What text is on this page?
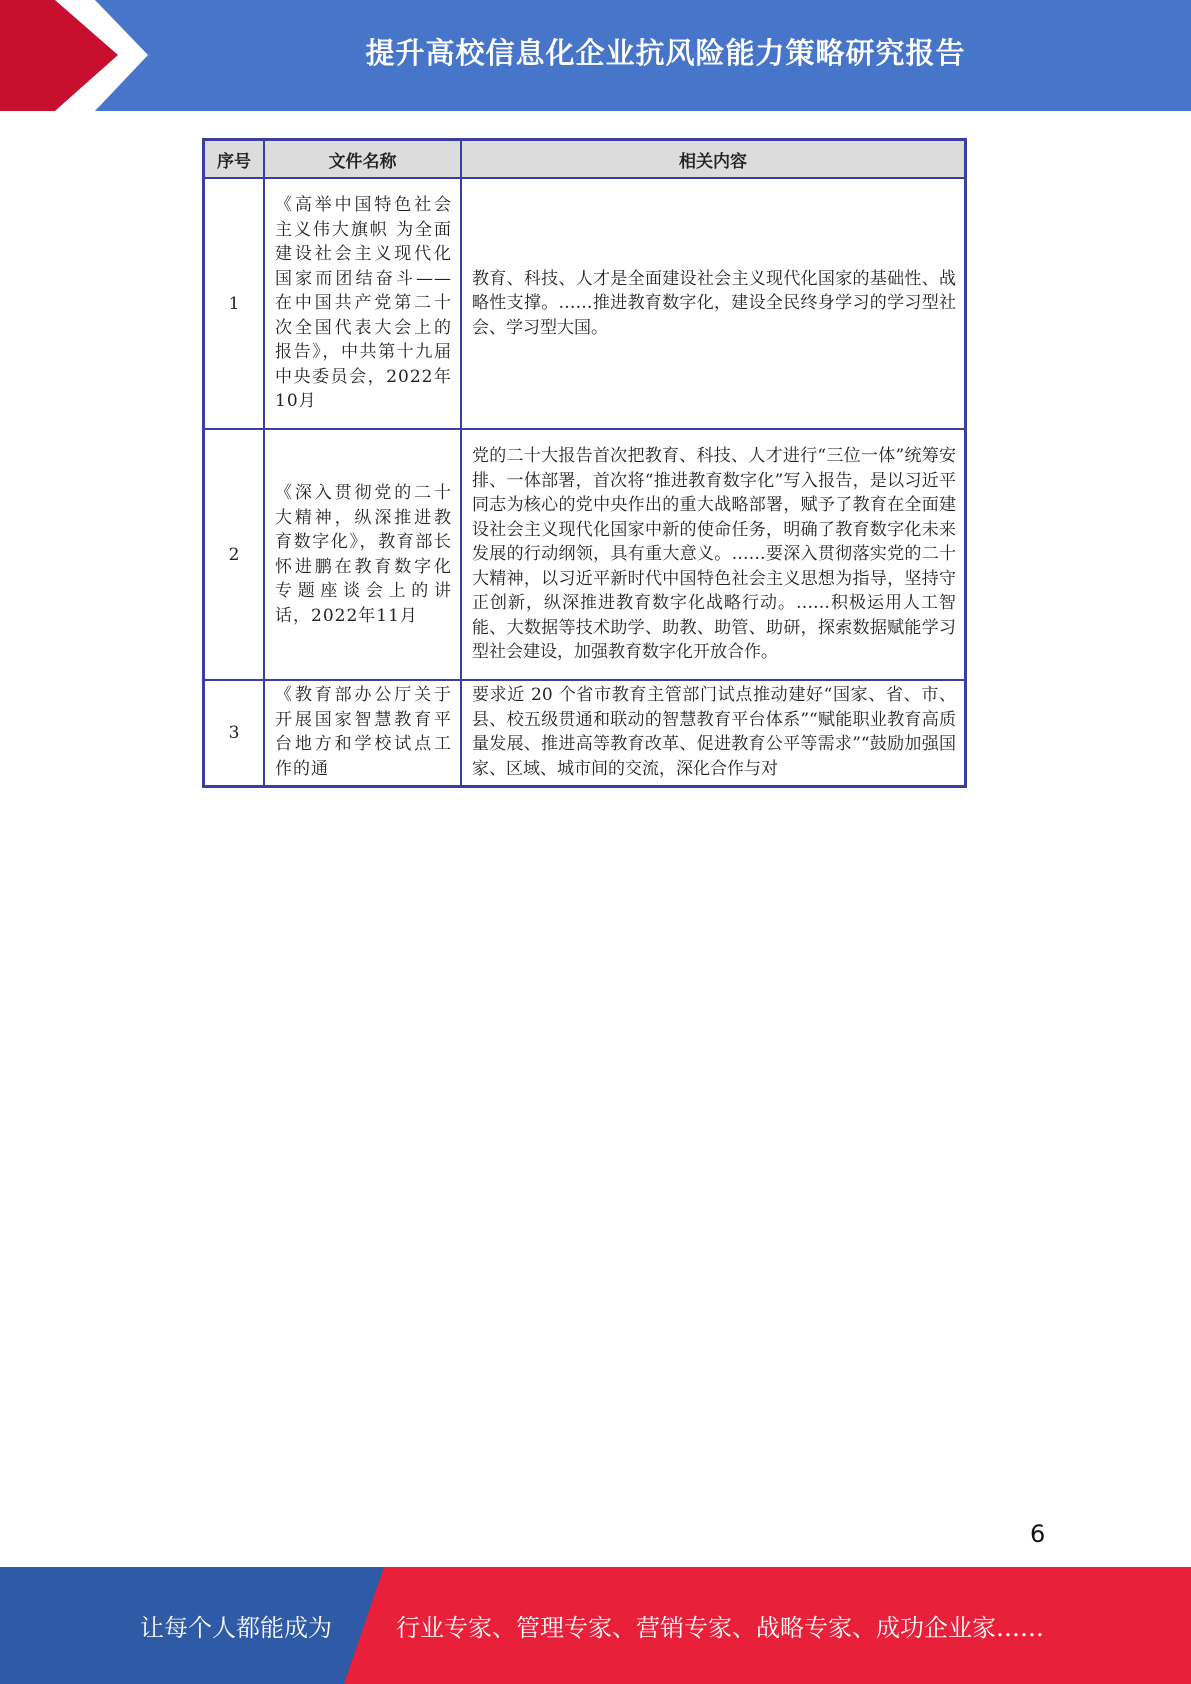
提升高校信息化企业抗风险能力策略研究报告
序号	文件名称	相关内容
1	《高举中国特色社会主义伟大旗帜 为全面建设社会主义现代化国家而团结奋斗——在中国共产党第二十次全国代表大会上的报告》，中共第十九届中央委员会，2022年10月	教育、科技、人才是全面建设社会主义现代化国家的基础性、战略性支撑。……推进教育数字化，建设全民终身学习的学习型社会、学习型大国。
2	《深入贯彻党的二十大精神，纵深推进教育数字化》，教育部长怀进鹏在教育数字化专题座谈会上的讲话，2022年11月	党的二十大报告首次把教育、科技、人才进行“三位一体”统筹安排、一体部署，首次将“推进教育数字化”写入报告，是以习近平同志为核心的党中央作出的重大战略部署，赋予了教育在全面建设社会主义现代化国家中新的使命任务，明确了教育数字化未来发展的行动纲领，具有重大意义。……要深入贯彻落实党的二十大精神，以习近平新时代中国特色社会主义思想为指导，坚持守正创新，纵深推进教育数字化战略行动。……积极运用人工智能、大数据等技术助学、助教、助管、助研，探索数据赋能学习型社会建设，加强教育数字化开放合作。
3	《教育部办公厅关于开展国家智慧教育平台地方和学校试点工作的通	要求近 20 个省市教育主管部门试点推动建好“国家、省、市、县、校五级贯通和联动的智慧教育平台体系”“赋能职业教育高质量发展、推进高等教育改革、促进教育公平等需求”“鼓励加强国家、区域、城市间的交流，深化合作与对
6
让每个人都能成为	行业专家、管理专家、营销专家、战略专家、成功企业家……
